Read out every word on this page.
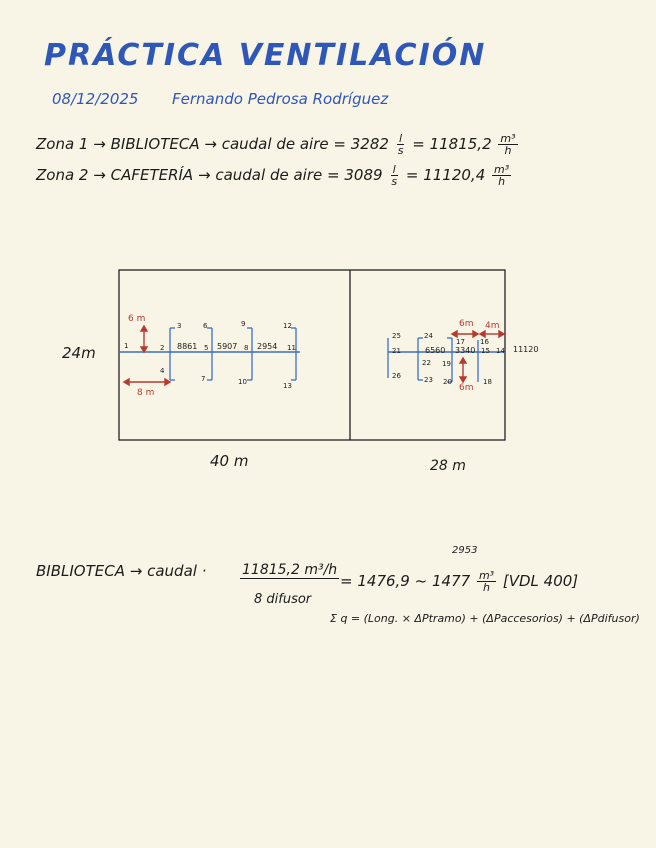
PRÁCTICA VENTILACIÓN
08/12/2025 Fernando Pedrosa Rodríguez
Zona 1 → BIBLIOTECA → caudal de aire = $3282 \frac{l}{s} = 11815,2 \frac{\text{m³}}{h}$
Zona 2 → CAFETERÍA → caudal de aire = $3089 \frac{l}{s} = 11120,4 \frac{\text{m³}}{h}$
24m
40 m	28 m
6 m
8 m
6m 4m
6m
8861 5907 2954	6560 3340	11120
1	2
3
4
5
6
7
8
9
10
11
12
13
25	24
26
21
22
23
17
19
20
16
15 14
18
2953
BIBLIOTECA → caudal ·	11815,2 m³/h
8 difusor
= 1476,9 ~ $1477 \frac{\text{m³}}{h} [VDL$ 400]
Σ q = (Long. × ΔPtramo) + (ΔPaccesorios) + (ΔPdifusor)
